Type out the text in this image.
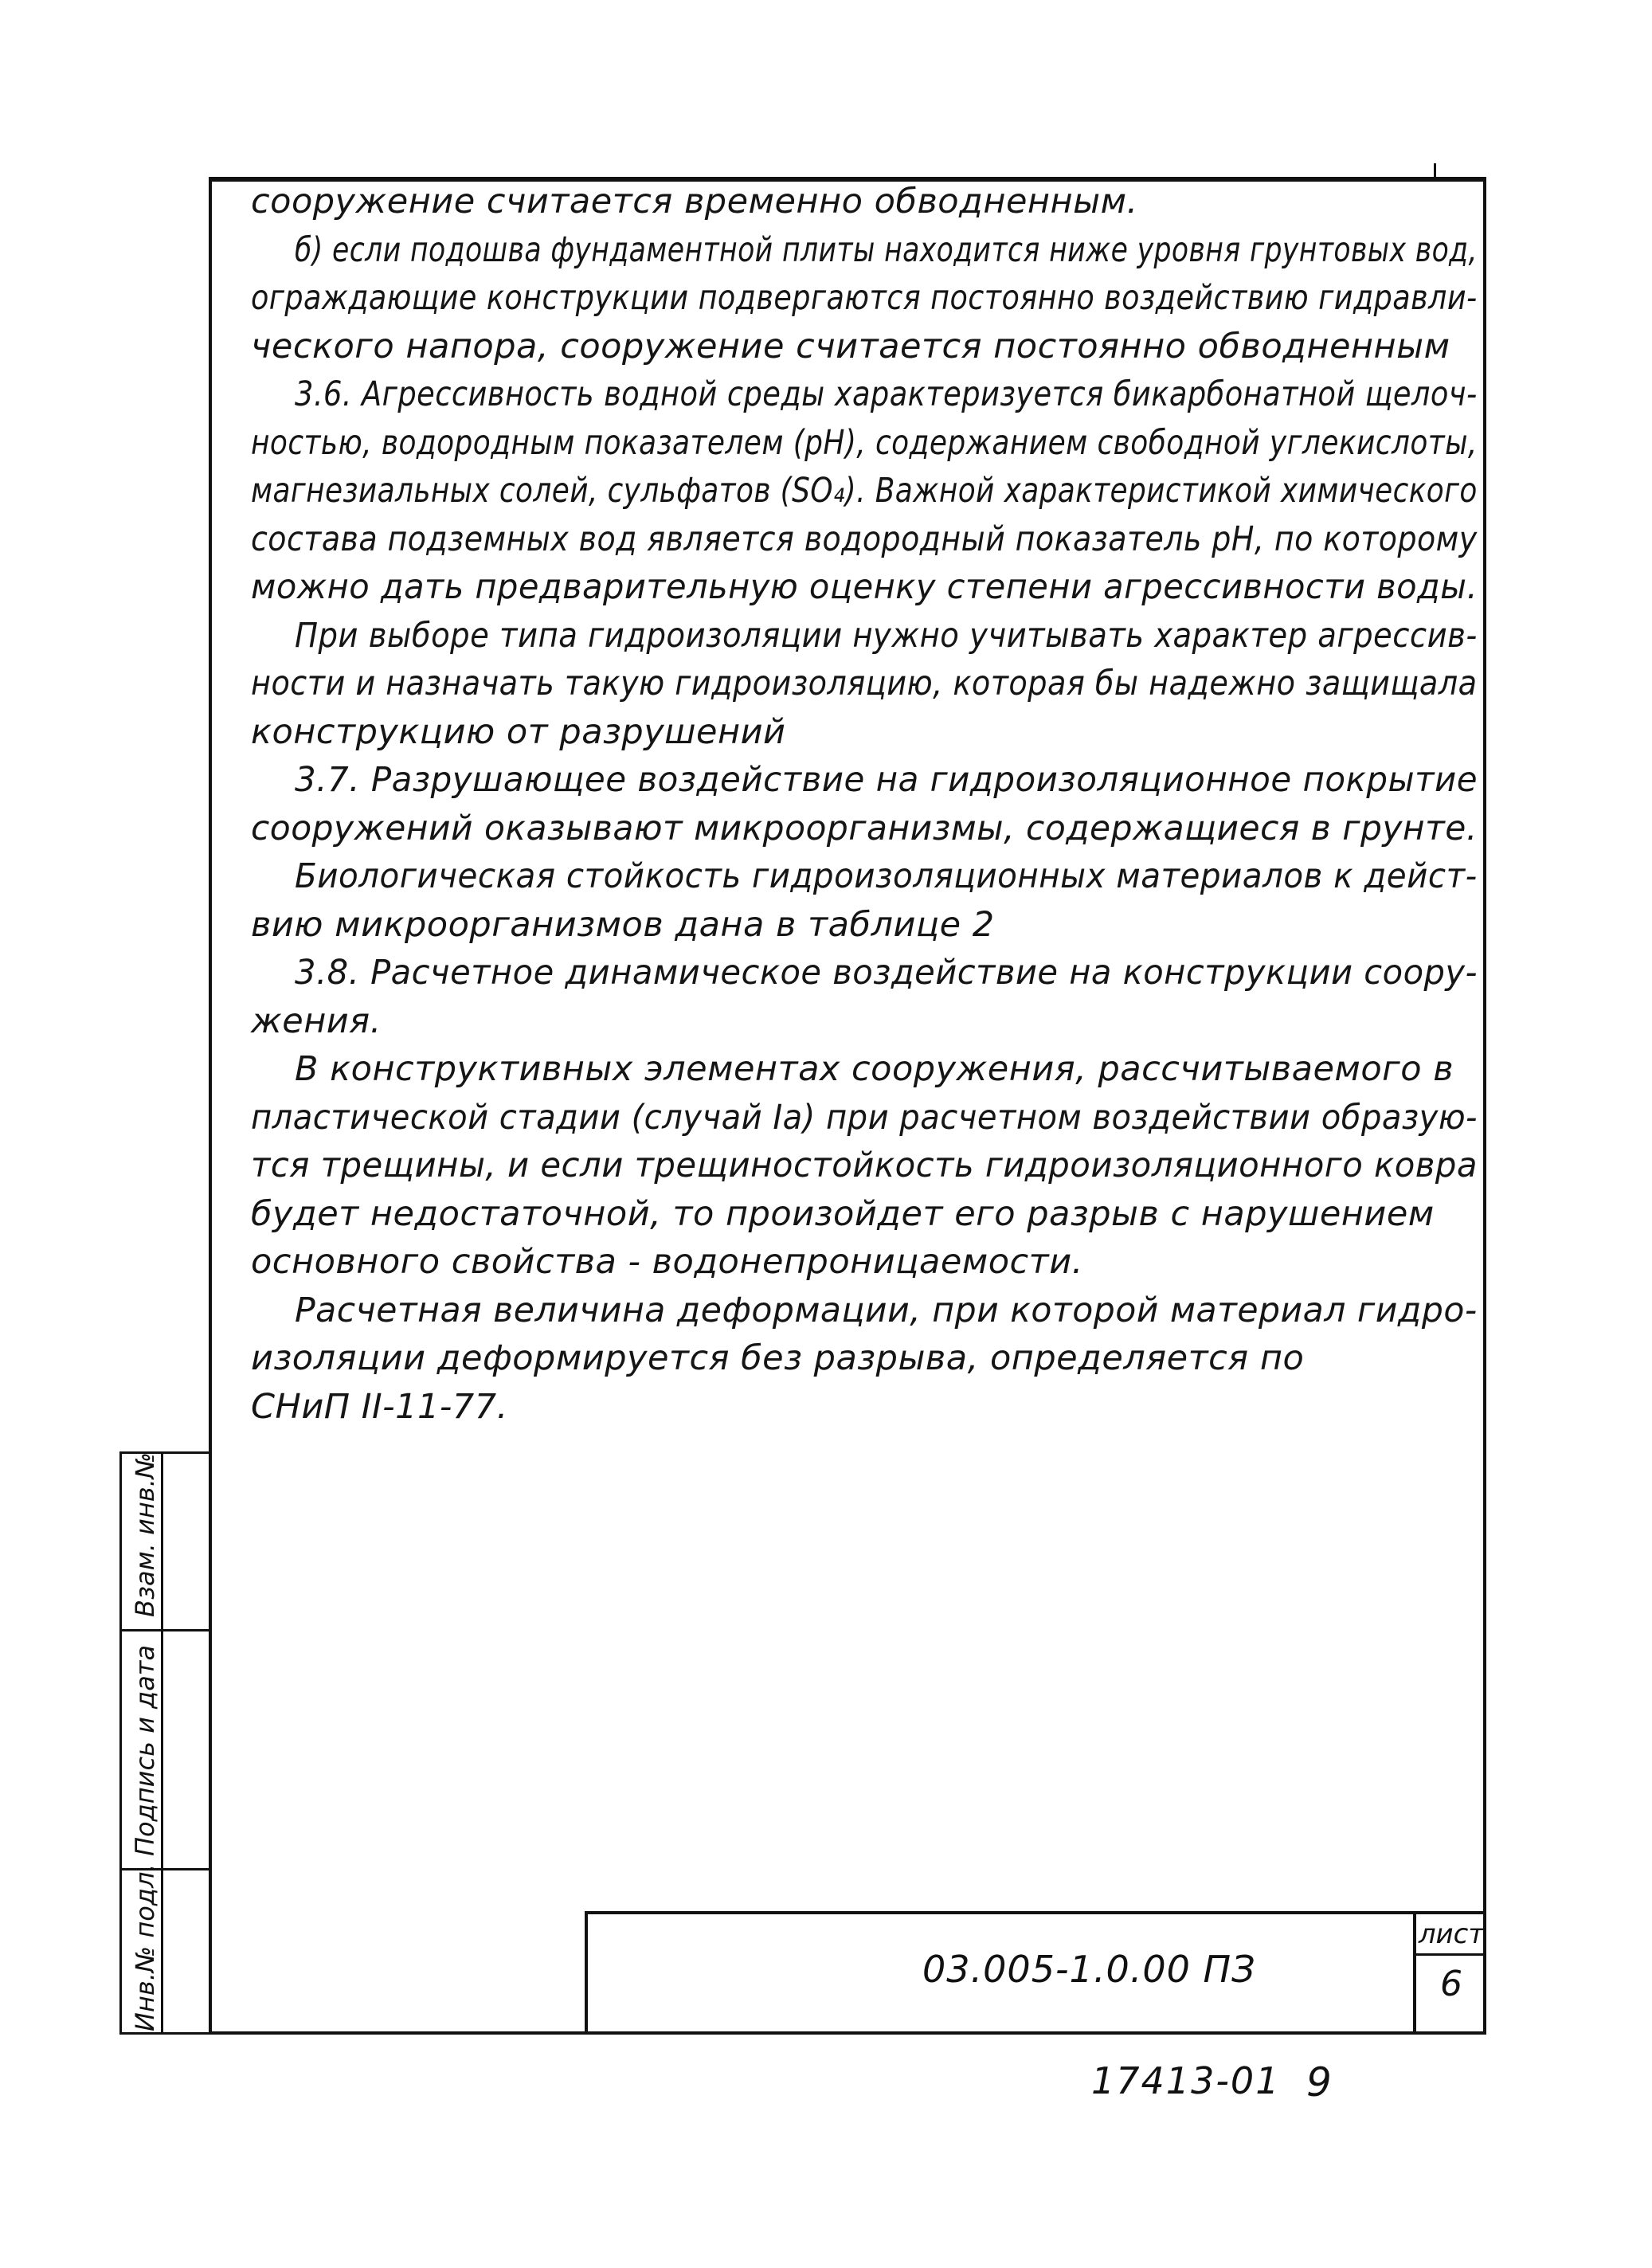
сооружение считается временно обводненным.
б) если подошва фундаментной плиты находится ниже уровня грунтовых вод,
ограждающие конструкции подвергаются постоянно воздействию гидравли-
ческого напора, сооружение считается постоянно обводненным
3.6. Агрессивность водной среды характеризуется бикарбонатной щелоч-
ностью, водородным показателем (рН), содержанием свободной углекислоты,
магнезиальных солей, сульфатов (SO₄). Важной характеристикой химического
состава подземных вод является водородный показатель рН, по которому
можно дать предварительную оценку степени агрессивности воды.
При выборе типа гидроизоляции нужно учитывать характер агрессив-
ности и назначать такую гидроизоляцию, которая бы надежно защищала
конструкцию от разрушений
3.7. Разрушающее воздействие на гидроизоляционное покрытие
сооружений оказывают микроорганизмы, содержащиеся в грунте.
Биологическая стойкость гидроизоляционных материалов к дейст-
вию микроорганизмов дана в таблице 2
3.8. Расчетное динамическое воздействие на конструкции соору-
жения.
В конструктивных элементах сооружения, рассчитываемого в
пластической стадии (случай Iа) при расчетном воздействии образую-
тся трещины, и если трещиностойкость гидроизоляционного ковра
будет недостаточной, то произойдет его разрыв с нарушением
основного свойства - водонепроницаемости.
Расчетная величина деформации, при которой материал гидро-
изоляции деформируется без разрыва, определяется по
СНиП II-11-77.
Инв.№ подл.
Подпись и дата
Взам. инв.№
03.005-1.0.00 ПЗ
лист
6
17413-01 9
